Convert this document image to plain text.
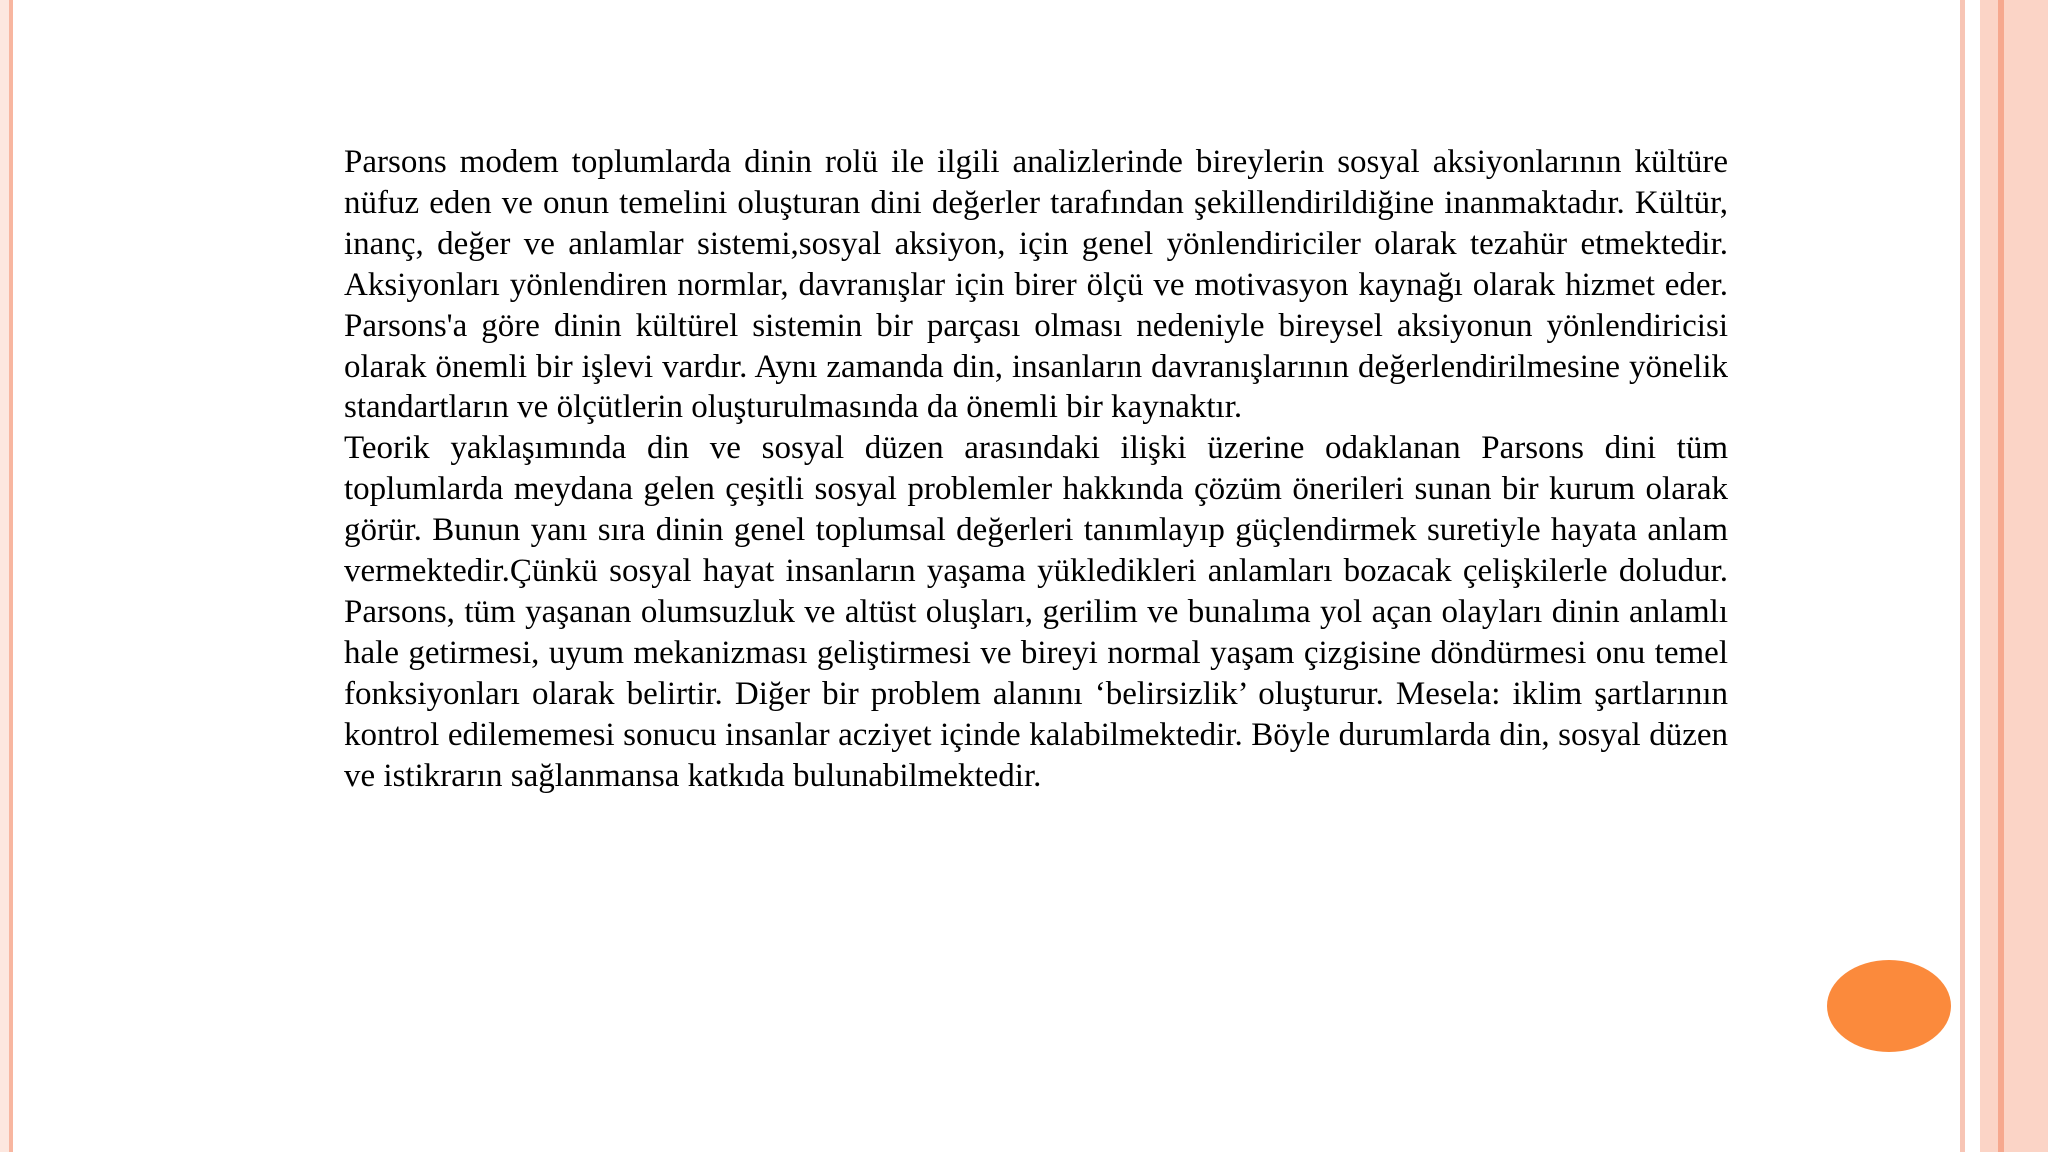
Parsons modem toplumlarda dinin rolü ile ilgili analizlerinde bireylerin sosyal aksiyonlarının kültüre nüfuz eden ve onun temelini oluşturan dini değerler tarafından şekillendirildiğine inanmaktadır. Kültür, inanç, değer ve anlamlar sistemi,sosyal aksiyon, için genel yönlendiriciler olarak tezahür etmektedir. Aksiyonları yönlendiren normlar, davranışlar için birer ölçü ve motivasyon kaynağı olarak hizmet eder. Parsons'a göre dinin kültürel sistemin bir parçası olması nedeniyle bireysel aksiyonun yönlendiricisi olarak önemli bir işlevi vardır. Aynı zamanda din, insanların davranışlarının değerlendirilmesine yönelik standartların ve ölçütlerin oluşturulmasında da önemli bir kaynaktır.

Teorik yaklaşımında din ve sosyal düzen arasındaki ilişki üzerine odaklanan Parsons dini tüm toplumlarda meydana gelen çeşitli sosyal problemler hakkında çözüm önerileri sunan bir kurum olarak görür. Bunun yanı sıra dinin genel toplumsal değerleri tanımlayıp güçlendirmek suretiyle hayata anlam vermektedir.Çünkü sosyal hayat insanların yaşama yükledikleri anlamları bozacak çelişkilerle doludur. Parsons, tüm yaşanan olumsuzluk ve altüst oluşları, gerilim ve bunalıma yol açan olayları dinin anlamlı hale getirmesi, uyum mekanizması geliştirmesi ve bireyi normal yaşam çizgisine döndürmesi onu temel fonksiyonları olarak belirtir. Diğer bir problem alanını ‘belirsizlik’ oluşturur. Mesela: iklim şartlarının kontrol edilememesi sonucu insanlar acziyet içinde kalabilmektedir. Böyle durumlarda din, sosyal düzen ve istikrarın sağlanmansa katkıda bulunabilmektedir.
